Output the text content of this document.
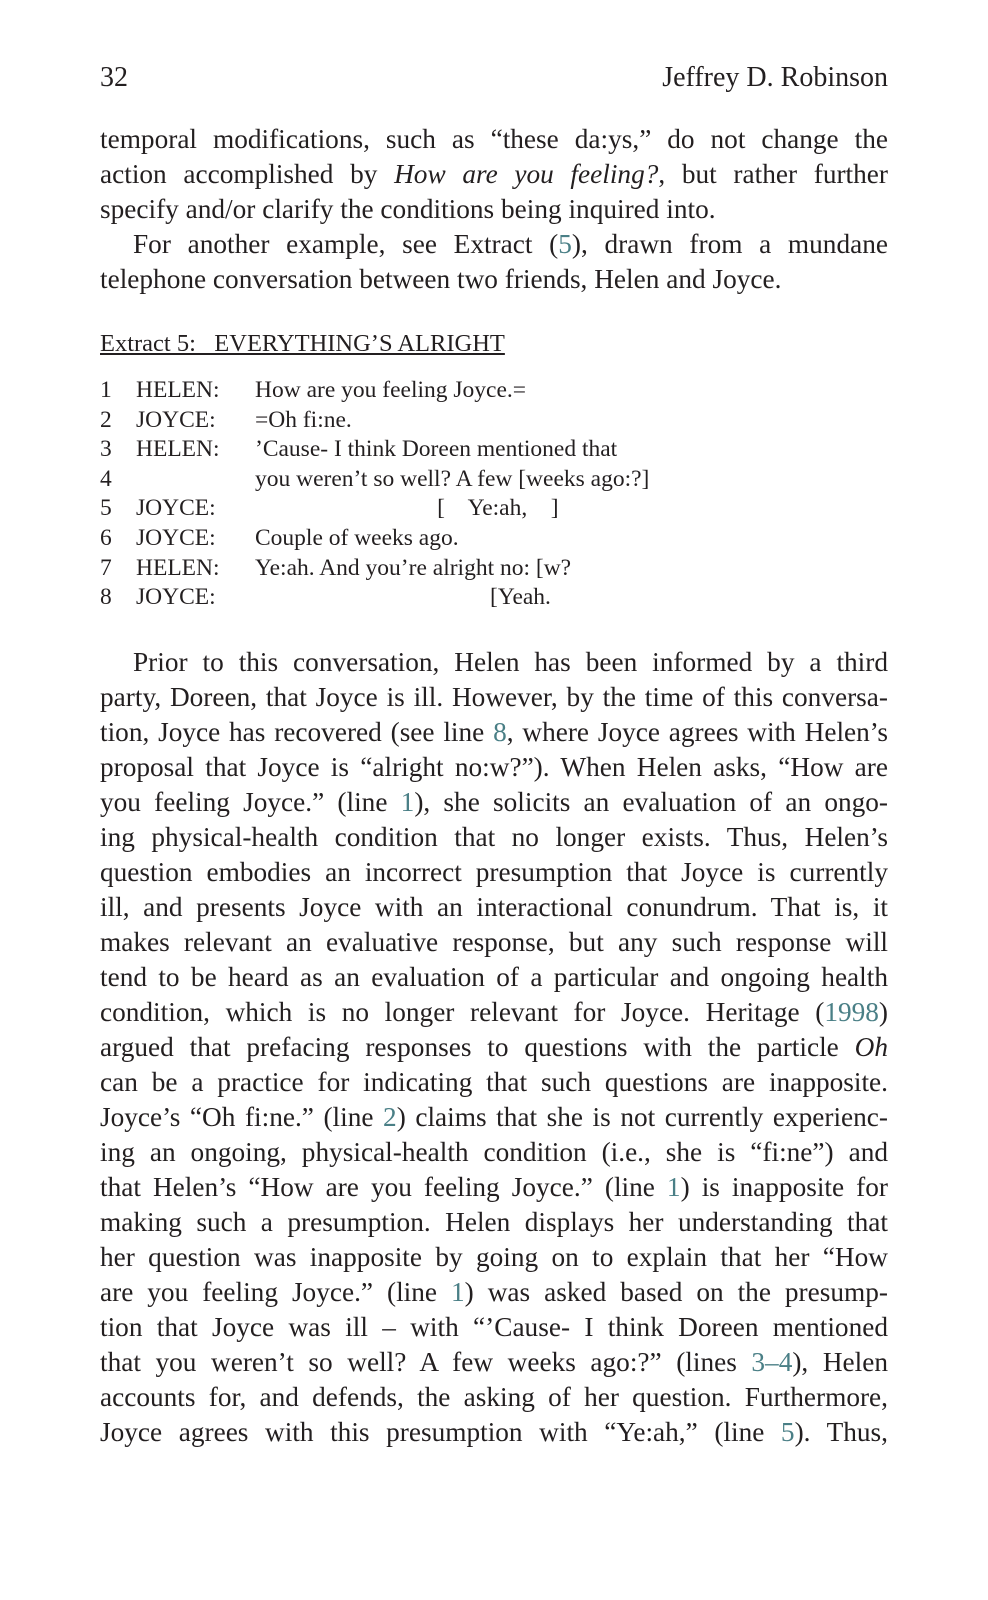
32	Jeffrey D. Robinson
temporal modifications, such as “these da:ys,” do not change the
action accomplished by How are you feeling?, but rather further
specify and/or clarify the conditions being inquired into.
For another example, see Extract (5), drawn from a mundane
telephone conversation between two friends, Helen and Joyce.
Extract 5:   EVERYTHING’S ALRIGHT
1 HELEN: How are you feeling Joyce.=
2 JOYCE: =Oh fi:ne.
3 HELEN: ’Cause- I think Doreen mentioned that
4	you weren’t so well? A few [weeks ago:?]
5 JOYCE: [    Ye:ah,    ]
6 JOYCE: Couple of weeks ago.
7 HELEN: Ye:ah. And you’re alright no: [w?
8 JOYCE: [Yeah.
Prior to this conversation, Helen has been informed by a third
party, Doreen, that Joyce is ill. However, by the time of this conversa-
tion, Joyce has recovered (see line 8, where Joyce agrees with Helen’s
proposal that Joyce is “alright no:w?”). When Helen asks, “How are
you feeling Joyce.” (line 1), she solicits an evaluation of an ongo-
ing physical-health condition that no longer exists. Thus, Helen’s
question embodies an incorrect presumption that Joyce is currently
ill, and presents Joyce with an interactional conundrum. That is, it
makes relevant an evaluative response, but any such response will
tend to be heard as an evaluation of a particular and ongoing health
condition, which is no longer relevant for Joyce. Heritage (1998)
argued that prefacing responses to questions with the particle Oh
can be a practice for indicating that such questions are inapposite.
Joyce’s “Oh fi:ne.” (line 2) claims that she is not currently experienc-
ing an ongoing, physical-health condition (i.e., she is “fi:ne”) and
that Helen’s “How are you feeling Joyce.” (line 1) is inapposite for
making such a presumption. Helen displays her understanding that
her question was inapposite by going on to explain that her “How
are you feeling Joyce.” (line 1) was asked based on the presump-
tion that Joyce was ill – with “’Cause- I think Doreen mentioned
that you weren’t so well? A few weeks ago:?” (lines 3–4), Helen
accounts for, and defends, the asking of her question. Furthermore,
Joyce agrees with this presumption with “Ye:ah,” (line 5). Thus,
